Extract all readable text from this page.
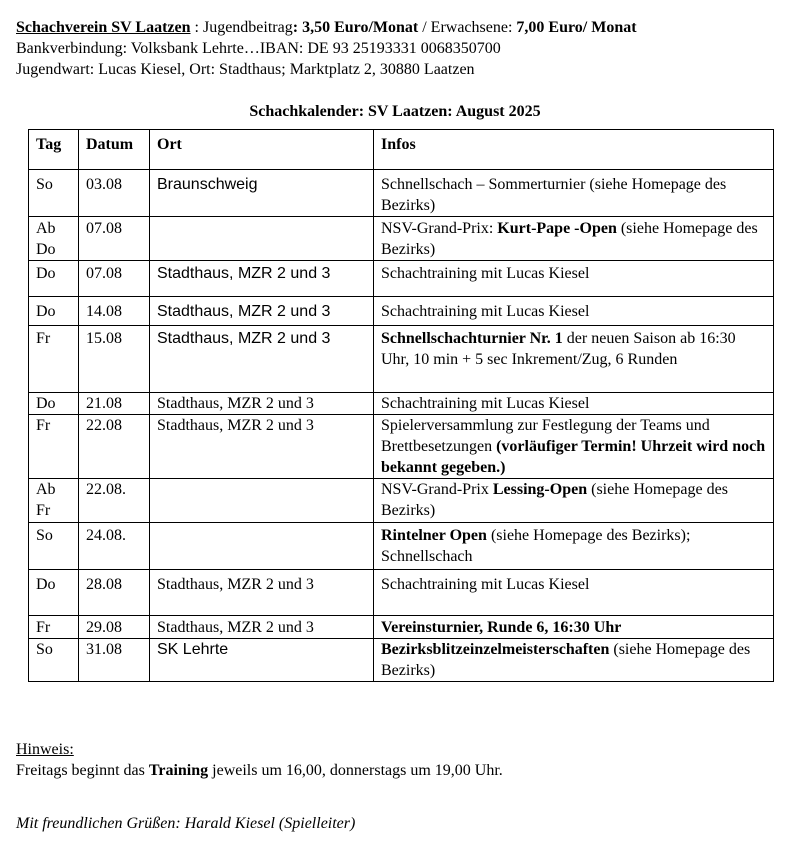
Schachverein SV Laatzen : Jugendbeitrag: 3,50 Euro/Monat / Erwachsene: 7,00 Euro/ Monat
Bankverbindung: Volksbank Lehrte…IBAN: DE 93 25193331 0068350700
Jugendwart: Lucas Kiesel, Ort: Stadthaus; Marktplatz 2, 30880 Laatzen
Schachkalender: SV Laatzen: August 2025
Tag	Datum	Ort	Infos
So	03.08	Braunschweig	Schnellschach – Sommerturnier (siehe Homepage des Bezirks)
Ab Do	07.08		NSV-Grand-Prix: Kurt-Pape -Open (siehe Homepage des Bezirks)
Do	07.08	Stadthaus, MZR 2 und 3	Schachtraining mit Lucas Kiesel
Do	14.08	Stadthaus, MZR 2 und 3	Schachtraining mit Lucas Kiesel
Fr	15.08	Stadthaus, MZR 2 und 3	Schnellschachturnier Nr. 1 der neuen Saison ab 16:30 Uhr, 10 min + 5 sec Inkrement/Zug, 6 Runden
Do	21.08	Stadthaus, MZR 2 und 3	Schachtraining mit Lucas Kiesel
Fr	22.08	Stadthaus, MZR 2 und 3	Spielerversammlung zur Festlegung der Teams und Brettbesetzungen (vorläufiger Termin! Uhrzeit wird noch bekannt gegeben.)
Ab Fr	22.08.		NSV-Grand-Prix Lessing-Open (siehe Homepage des Bezirks)
So	24.08.		Rintelner Open (siehe Homepage des Bezirks); Schnellschach
Do	28.08	Stadthaus, MZR 2 und 3	Schachtraining mit Lucas Kiesel
Fr	29.08	Stadthaus, MZR 2 und 3	Vereinsturnier, Runde 6, 16:30 Uhr
So	31.08	SK Lehrte	Bezirksblitzeinzelmeisterschaften (siehe Homepage des Bezirks)
Hinweis:
Freitags beginnt das Training jeweils um 16,00, donnerstags um 19,00 Uhr.
Mit freundlichen Grüßen: Harald Kiesel (Spielleiter)
